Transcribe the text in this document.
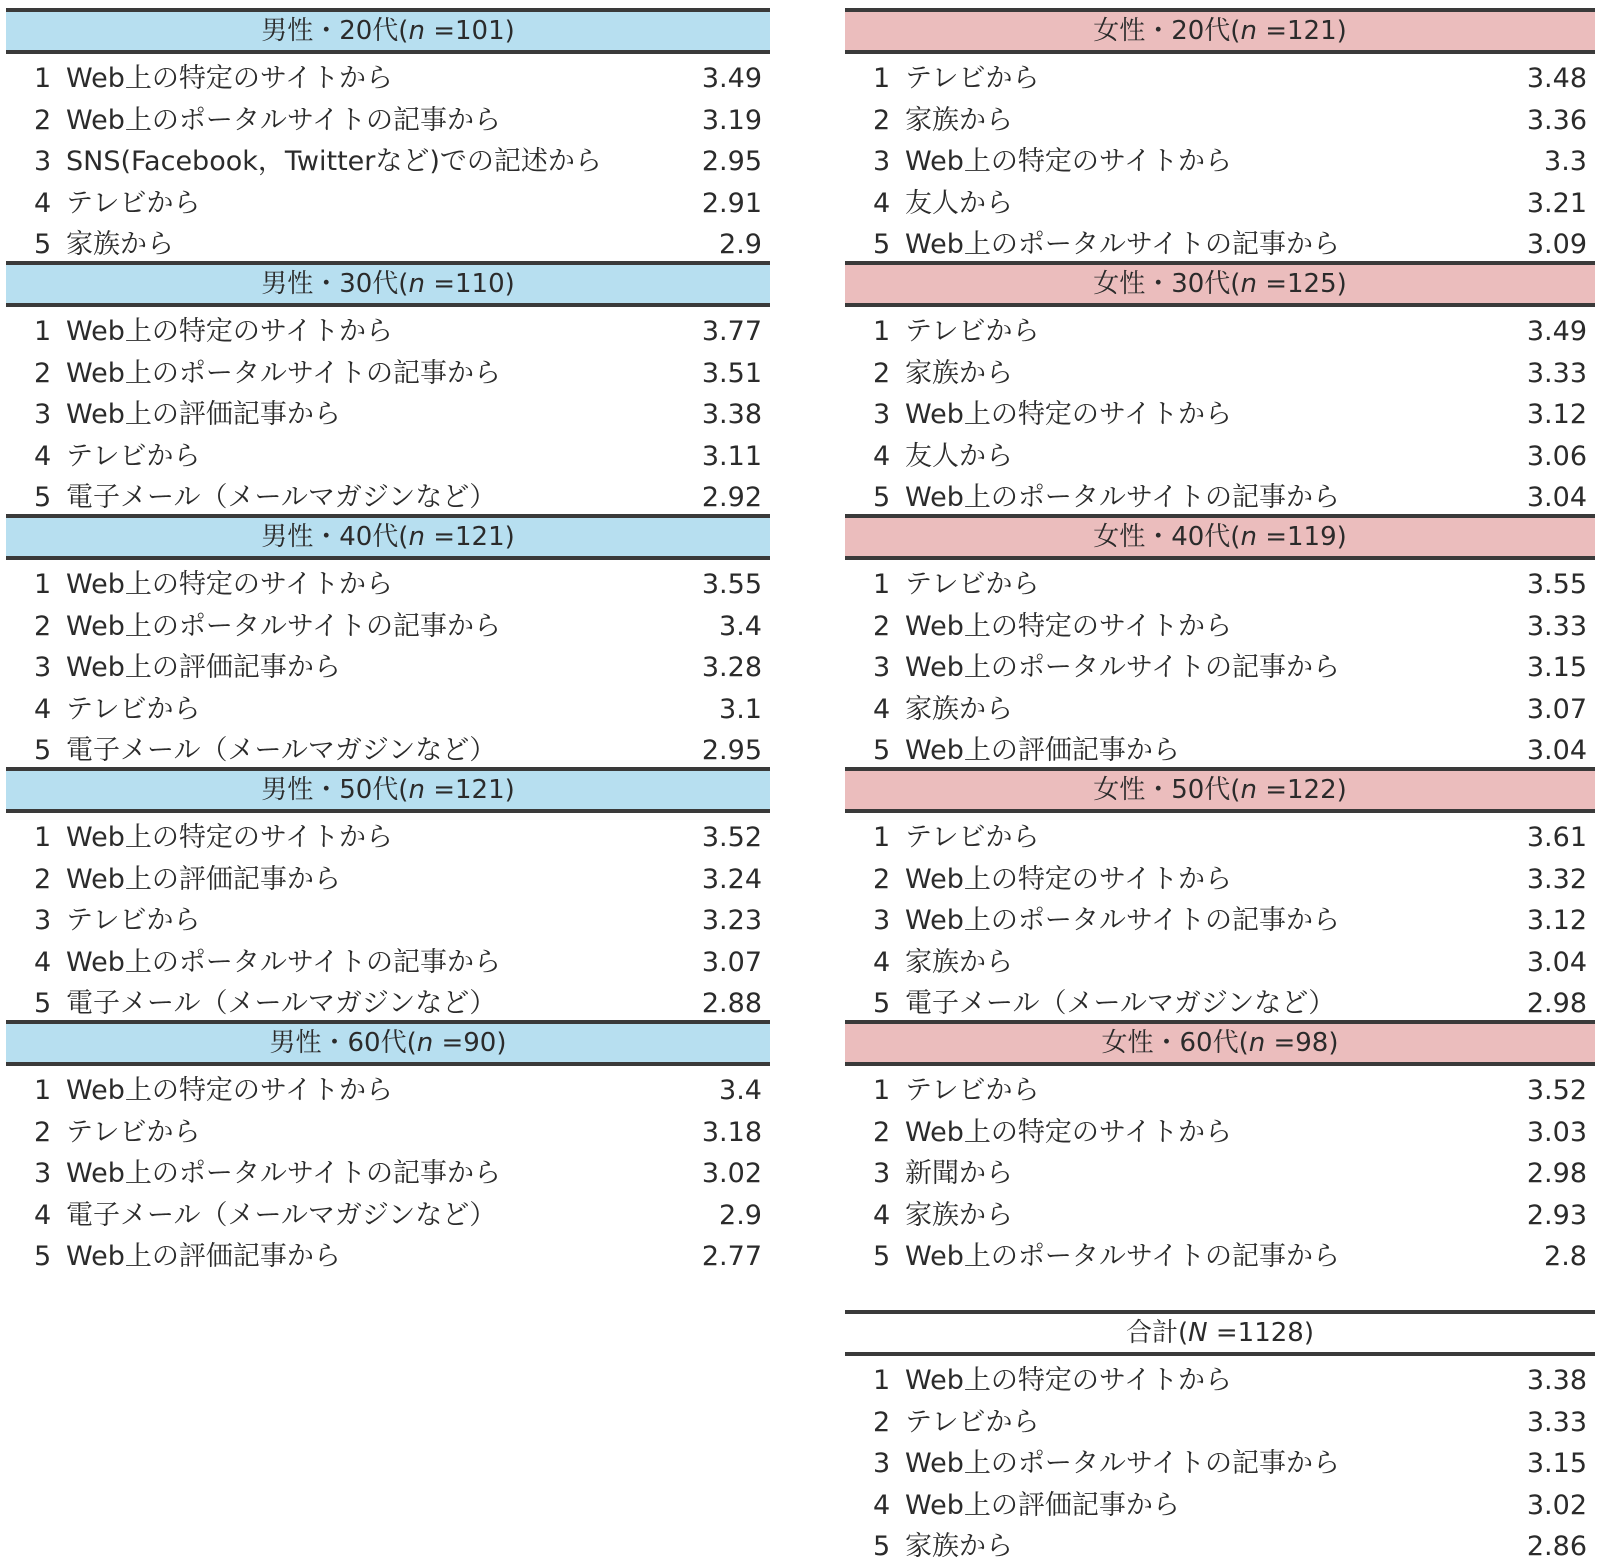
男性・20代(n =101)
1 Web上の特定のサイトから	3.49
2 Web上のポータルサイトの記事から	3.19
3 SNS(Facebook，Twitterなど)での記述から	2.95
4 テレビから	2.91
5 家族から	2.9
男性・30代(n =110)
1 Web上の特定のサイトから	3.77
2 Web上のポータルサイトの記事から	3.51
3 Web上の評価記事から	3.38
4 テレビから	3.11
5 電子メール（メールマガジンなど）	2.92
男性・40代(n =121)
1 Web上の特定のサイトから	3.55
2 Web上のポータルサイトの記事から	3.4
3 Web上の評価記事から	3.28
4 テレビから	3.1
5 電子メール（メールマガジンなど）	2.95
男性・50代(n =121)
1 Web上の特定のサイトから	3.52
2 Web上の評価記事から	3.24
3 テレビから	3.23
4 Web上のポータルサイトの記事から	3.07
5 電子メール（メールマガジンなど）	2.88
男性・60代(n =90)
1 Web上の特定のサイトから	3.4
2 テレビから	3.18
3 Web上のポータルサイトの記事から	3.02
4 電子メール（メールマガジンなど）	2.9
5 Web上の評価記事から	2.77
女性・20代(n =121)
1 テレビから	3.48
2 家族から	3.36
3 Web上の特定のサイトから	3.3
4 友人から	3.21
5 Web上のポータルサイトの記事から	3.09
女性・30代(n =125)
1 テレビから	3.49
2 家族から	3.33
3 Web上の特定のサイトから	3.12
4 友人から	3.06
5 Web上のポータルサイトの記事から	3.04
女性・40代(n =119)
1 テレビから	3.55
2 Web上の特定のサイトから	3.33
3 Web上のポータルサイトの記事から	3.15
4 家族から	3.07
5 Web上の評価記事から	3.04
女性・50代(n =122)
1 テレビから	3.61
2 Web上の特定のサイトから	3.32
3 Web上のポータルサイトの記事から	3.12
4 家族から	3.04
5 電子メール（メールマガジンなど）	2.98
女性・60代(n =98)
1 テレビから	3.52
2 Web上の特定のサイトから	3.03
3 新聞から	2.98
4 家族から	2.93
5 Web上のポータルサイトの記事から	2.8
合計(N =1128)
1 Web上の特定のサイトから	3.38
2 テレビから	3.33
3 Web上のポータルサイトの記事から	3.15
4 Web上の評価記事から	3.02
5 家族から	2.86
